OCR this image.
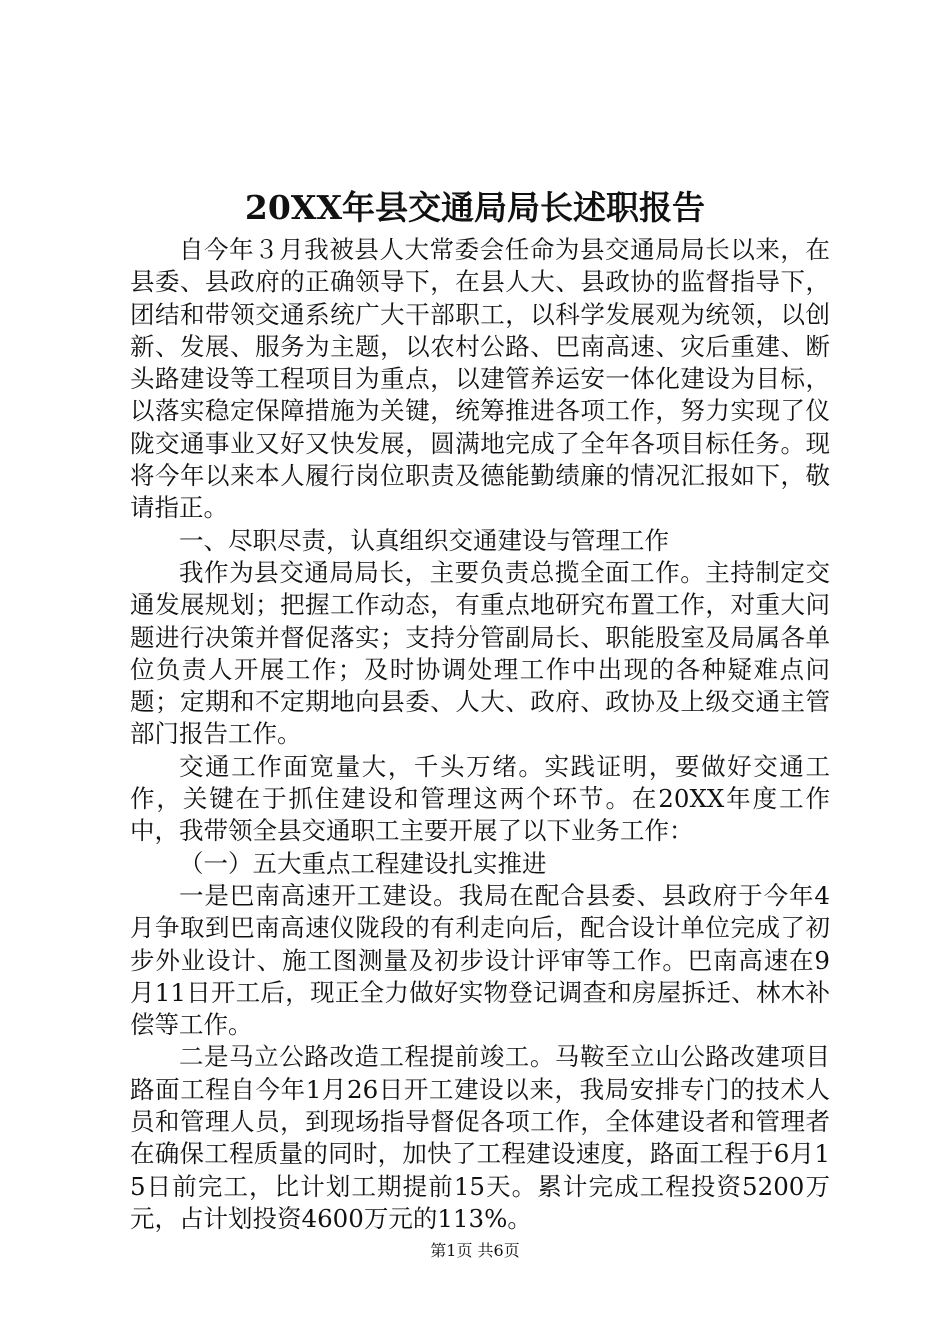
20XX年县交通局局长述职报告

自今年３月我被县人大常委会任命为县交通局局长以来，在县委、县政府的正确领导下，在县人大、县政协的监督指导下，团结和带领交通系统广大干部职工，以科学发展观为统领，以创新、发展、服务为主题，以农村公路、巴南高速、灾后重建、断头路建设等工程项目为重点，以建管养运安一体化建设为目标，以落实稳定保障措施为关键，统筹推进各项工作，努力实现了仪陇交通事业又好又快发展，圆满地完成了全年各项目标任务。现将今年以来本人履行岗位职责及德能勤绩廉的情况汇报如下，敬请指正。

一、尽职尽责，认真组织交通建设与管理工作

我作为县交通局局长，主要负责总揽全面工作。主持制定交通发展规划；把握工作动态，有重点地研究布置工作，对重大问题进行决策并督促落实；支持分管副局长、职能股室及局属各单位负责人开展工作；及时协调处理工作中出现的各种疑难点问题；定期和不定期地向县委、人大、政府、政协及上级交通主管部门报告工作。

交通工作面宽量大，千头万绪。实践证明，要做好交通工作，关键在于抓住建设和管理这两个环节。在20XX年度工作中，我带领全县交通职工主要开展了以下业务工作：

（一）五大重点工程建设扎实推进

一是巴南高速开工建设。我局在配合县委、县政府于今年4月争取到巴南高速仪陇段的有利走向后，配合设计单位完成了初步外业设计、施工图测量及初步设计评审等工作。巴南高速在9月11日开工后，现正全力做好实物登记调查和房屋拆迁、林木补偿等工作。

二是马立公路改造工程提前竣工。马鞍至立山公路改建项目路面工程自今年1月26日开工建设以来，我局安排专门的技术人员和管理人员，到现场指导督促各项工作，全体建设者和管理者在确保工程质量的同时，加快了工程建设速度，路面工程于6月15日前完工，比计划工期提前15天。累计完成工程投资5200万元，占计划投资4600万元的113%。

第1页 共6页
